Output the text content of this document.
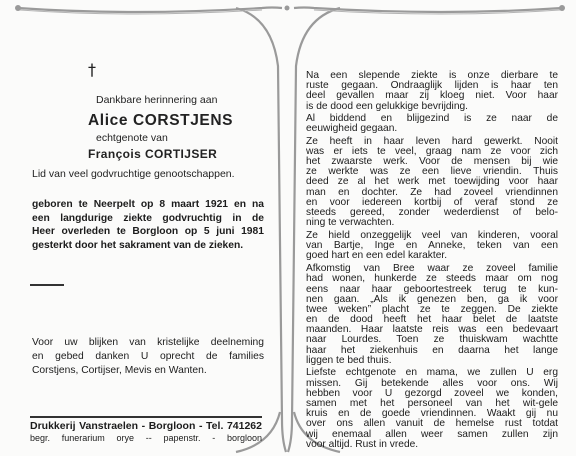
†
Dankbare herinnering aan
Alice CORSTJENS
echtgenote van
François CORTIJSER
Lid van veel godvruchtige genootschappen.
geboren te Neerpelt op 8 maart 1921 en na
een langdurige ziekte godvruchtig in de
Heer overleden te Borgloon op 5 juni 1981
gesterkt door het sakrament van de zieken.
Voor uw blijken van kristelijke deelneming
en gebed danken U oprecht de families
Corstjens, Cortijser, Mevis en Wanten.
Drukkerij Vanstraelen - Borgloon - Tel. 741262
begr. funerarium orye -- papenstr. - borgloon
Na een slepende ziekte is onze dierbare te
ruste gegaan. Ondraaglijk lijden is haar ten
deel gevallen maar zij kloeg niet. Voor haar
is de dood een gelukkige bevrijding.
Al biddend en blijgezind is ze naar de
eeuwigheid gegaan.
Ze heeft in haar leven hard gewerkt. Nooit
was er iets te veel, graag nam ze voor zich
het zwaarste werk. Voor de mensen bij wie
ze werkte was ze een lieve vriendin. Thuis
deed ze al het werk met toewijding voor haar
man en dochter. Ze had zoveel vriendinnen
en voor iedereen kortbij of veraf stond ze
steeds gereed, zonder wederdienst of belo-
ning te verwachten.
Ze hield onzeggelijk veel van kinderen, vooral
van Bartje, Inge en Anneke, teken van een
goed hart en een edel karakter.
Afkomstig van Bree waar ze zoveel familie
had wonen, hunkerde ze steeds maar om nog
eens naar haar geboortestreek terug te kun-
nen gaan. „Als ik genezen ben, ga ik voor
twee weken” placht ze te zeggen. De ziekte
en de dood heeft het haar belet de laatste
maanden. Haar laatste reis was een bedevaart
naar Lourdes. Toen ze thuiskwam wachtte
haar het ziekenhuis en daarna het lange
liggen te bed thuis.
Liefste echtgenote en mama, we zullen U erg
missen. Gij betekende alles voor ons. Wij
hebben voor U gezorgd zoveel we konden,
samen met het personeel van het wit-gele
kruis en de goede vriendinnen. Waakt gij nu
over ons allen vanuit de hemelse rust totdat
wij enemaal allen weer samen zullen zijn
voor altijd. Rust in vrede.
